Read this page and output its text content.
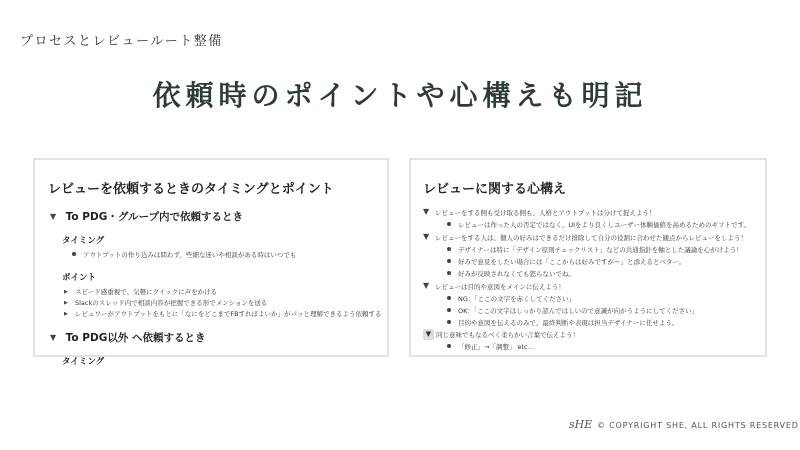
プロセスとレビュールート整備
依頼時のポイントや心構えも明記
レビューを依頼するときのタイミングとポイント
▼ To PDG・グループ内で依頼するとき
タイミング
アウトプットの作り込みは問わず、些細な迷いや相談がある時はいつでも
ポイント
▶ スピード感重視で、気軽にクイックに声をかける
▶ Slackのスレッド内で相談内容が把握できる形でメンションを送る
▶ レビュワーがアウトプットをもとに「なにをどこまでFBすればよいか」がパッと理解できるよう依頼する
▼ To PDG以外 へ依頼するとき
タイミング
レビューに関する心構え
▼ レビューをする側も受け取る側も、人格とアウトプットは分けて捉えよう！
レビューは作った人の否定ではなく、UIをより良くしユーザー体験価値を高めるためのギフトです。
▼ レビューをする人は、個人の好みはできるだけ排除して自分の役割に合わせた観点からレビューをしよう！
デザイナーは特に「デザイン原則チェックリスト」などの共通指針を軸とした議論を心がけよう！
好みで意見をしたい場合には「ここからは好みですが〜」と添えるとベター。
好みが反映されなくても怒らないでね。
▼ レビューは目的や意図をメインに伝えよう！
NG：「ここの文字を赤くしてください」
OK：「ここの文字はしっかり読んではしいので意識が向かうようにしてください」
目的や意図を伝えるのみで、最終判断や表現は担当デザイナーに任せよう。
▼ 同じ意味でもなるべく柔らかい言葉で伝えよう！
「修正」→「調整」 etc…
sHE © COPYRIGHT SHE, ALL RIGHTS RESERVED
